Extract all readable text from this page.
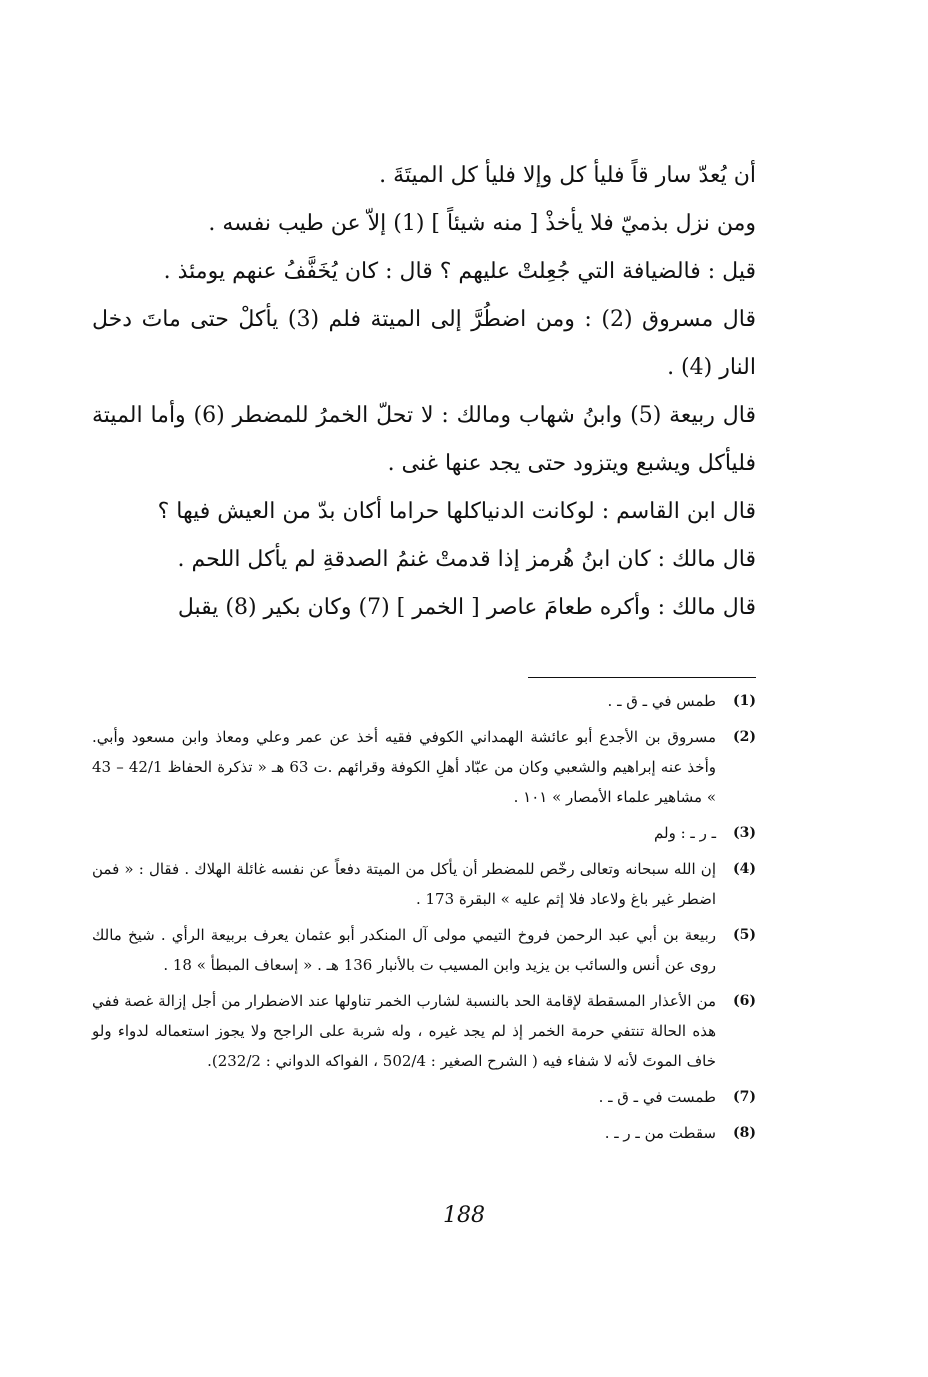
أن يُعدّ سار قاً فليأ كل وإلا فليأ كل الميتَةَ .

ومن نزل بذميّ فلا يأخذْ [ منه شيئاً ] (1) إلاّ عن طيب نفسه .

قيل : فالضيافة التي جُعِلتْ عليهم ؟ قال : كان يُخَفَّفُ عنهم يومئذ .

قال مسروق (2) : ومن اضطُرَّ إلى الميتة فلم (3) يأكلْ حتى ماتَ دخل النار (4) .

قال ربيعة (5) وابنُ شهاب ومالك : لا تحلّ الخمرُ للمضطر (6) وأما الميتة فليأكل ويشبع ويتزود حتى يجد عنها غنى .

قال ابن القاسم : لوكانت الدنياكلها حراما أكان بدّ من العيش فيها ؟

قال مالك : كان ابنُ هُرمز إذا قدمتْ غنمُ الصدقةِ لم يأكل اللحم .

قال مالك : وأكره طعامَ عاصر [ الخمر ] (7) وكان بكير (8) يقبل

(1)
طمس في ـ ق ـ .
(2)
مسروق بن الأجدع أبو عائشة الهمداني الكوفي فقيه أخذ عن عمر وعلي ومعاذ وابن مسعود وأبي. وأخذ عنه إبراهيم والشعبي وكان من عبّاد أهلِ الكوفة وقرائهم .ت 63 هـ « تذكرة الحفاظ 42/1 – 43 » مشاهير علماء الأمصار » ١٠١ .
(3)
ـ ر ـ : ولم
(4)
إن الله سبحانه وتعالى رخّص للمضطر أن يأكل من الميتة دفعاً عن نفسه غائلة الهلاك . فقال : « فمن اضطر غير باغ ولاعاد فلا إثم عليه » البقرة 173 .
(5)
ربيعة بن أبي عبد الرحمن فروخ التيمي مولى آل المنكدر أبو عثمان يعرف بربيعة الرأي . شيخ مالك روى عن أنس والسائب بن يزيد وابن المسيب ت بالأنبار 136 هـ . « إسعاف المبطأ » 18 .
(6)
من الأعذار المسقطة لإقامة الحد بالنسبة لشارب الخمر تناولها عند الاضطرار من أجل إزالة غصة ففي هذه الحالة تنتفي حرمة الخمر إذ لم يجد غيره ، وله شربة على الراجح ولا يجوز استعماله لدواء ولو خاف الموتَ لأنه لا شفاء فيه ( الشرح الصغير : 502/4 ، الفواكه الدواني : 232/2).
(7)
طمست في ـ ق ـ .
(8)
سقطت من ـ ر ـ .
188
